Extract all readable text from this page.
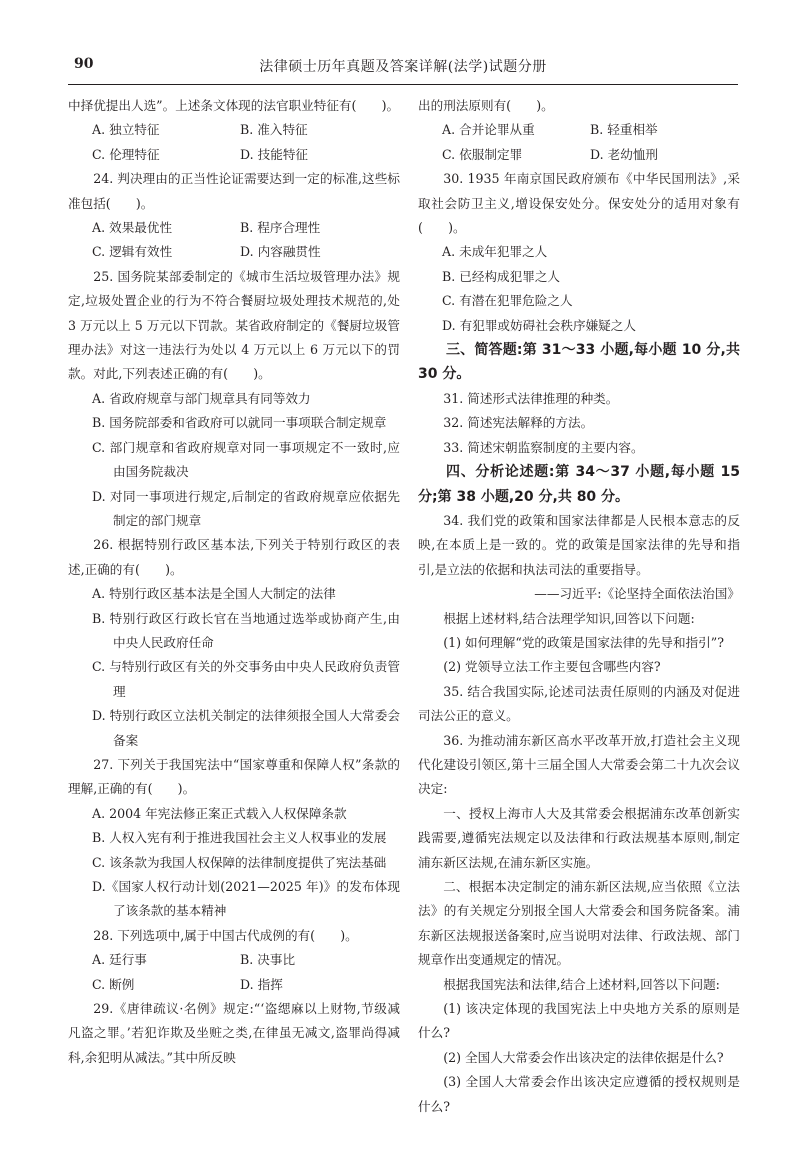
90	法律硕士历年真题及答案详解(法学)试题分册

中择优提出人选”。上述条文体现的法官职业特征有(　　)。

A. 独立特征	B. 准入特征
C. 伦理特征	D. 技能特征

24. 判决理由的正当性论证需要达到一定的标准,这些标准包括(　　)。

A. 效果最优性	B. 程序合理性
C. 逻辑有效性	D. 内容融贯性

25. 国务院某部委制定的《城市生活垃圾管理办法》规定,垃圾处置企业的行为不符合餐厨垃圾处理技术规范的,处 3 万元以上 5 万元以下罚款。某省政府制定的《餐厨垃圾管理办法》对这一违法行为处以 4 万元以上 6 万元以下的罚款。对此,下列表述正确的有(　　)。

A. 省政府规章与部门规章具有同等效力
B. 国务院部委和省政府可以就同一事项联合制定规章
C. 部门规章和省政府规章对同一事项规定不一致时,应由国务院裁决
D. 对同一事项进行规定,后制定的省政府规章应依据先制定的部门规章

26. 根据特别行政区基本法,下列关于特别行政区的表述,正确的有(　　)。

A. 特别行政区基本法是全国人大制定的法律
B. 特别行政区行政长官在当地通过选举或协商产生,由中央人民政府任命
C. 与特别行政区有关的外交事务由中央人民政府负责管理
D. 特别行政区立法机关制定的法律须报全国人大常委会备案

27. 下列关于我国宪法中“国家尊重和保障人权”条款的理解,正确的有(　　)。

A. 2004 年宪法修正案正式载入人权保障条款
B. 人权入宪有利于推进我国社会主义人权事业的发展
C. 该条款为我国人权保障的法律制度提供了宪法基础
D.《国家人权行动计划(2021—2025 年)》的发布体现了该条款的基本精神

28. 下列选项中,属于中国古代成例的有(　　)。

A. 廷行事	B. 决事比
C. 断例	D. 指挥

29.《唐律疏议·名例》规定:“‘盗缌麻以上财物,节级减凡盗之罪。’若犯诈欺及坐赃之类,在律虽无减文,盗罪尚得减科,余犯明从减法。”其中所反映

出的刑法原则有(　　)。

A. 合并论罪从重	B. 轻重相举
C. 依服制定罪	D. 老幼恤刑

30. 1935 年南京国民政府颁布《中华民国刑法》,采取社会防卫主义,增设保安处分。保安处分的适用对象有(　　)。

A. 未成年犯罪之人
B. 已经构成犯罪之人
C. 有潜在犯罪危险之人
D. 有犯罪或妨碍社会秩序嫌疑之人

三、简答题:第 31～33 小题,每小题 10 分,共 30 分。

31. 简述形式法律推理的种类。

32. 简述宪法解释的方法。

33. 简述宋朝监察制度的主要内容。

四、分析论述题:第 34～37 小题,每小题 15 分;第 38 小题,20 分,共 80 分。

34. 我们党的政策和国家法律都是人民根本意志的反映,在本质上是一致的。党的政策是国家法律的先导和指引,是立法的依据和执法司法的重要指导。

——习近平:《论坚持全面依法治国》

根据上述材料,结合法理学知识,回答以下问题:

(1) 如何理解“党的政策是国家法律的先导和指引”?

(2) 党领导立法工作主要包含哪些内容?

35. 结合我国实际,论述司法责任原则的内涵及对促进司法公正的意义。

36. 为推动浦东新区高水平改革开放,打造社会主义现代化建设引领区,第十三届全国人大常委会第二十九次会议决定:

一、授权上海市人大及其常委会根据浦东改革创新实践需要,遵循宪法规定以及法律和行政法规基本原则,制定浦东新区法规,在浦东新区实施。

二、根据本决定制定的浦东新区法规,应当依照《立法法》的有关规定分别报全国人大常委会和国务院备案。浦东新区法规报送备案时,应当说明对法律、行政法规、部门规章作出变通规定的情况。

根据我国宪法和法律,结合上述材料,回答以下问题:

(1) 该决定体现的我国宪法上中央地方关系的原则是什么?

(2) 全国人大常委会作出该决定的法律依据是什么?

(3) 全国人大常委会作出该决定应遵循的授权规则是什么?
